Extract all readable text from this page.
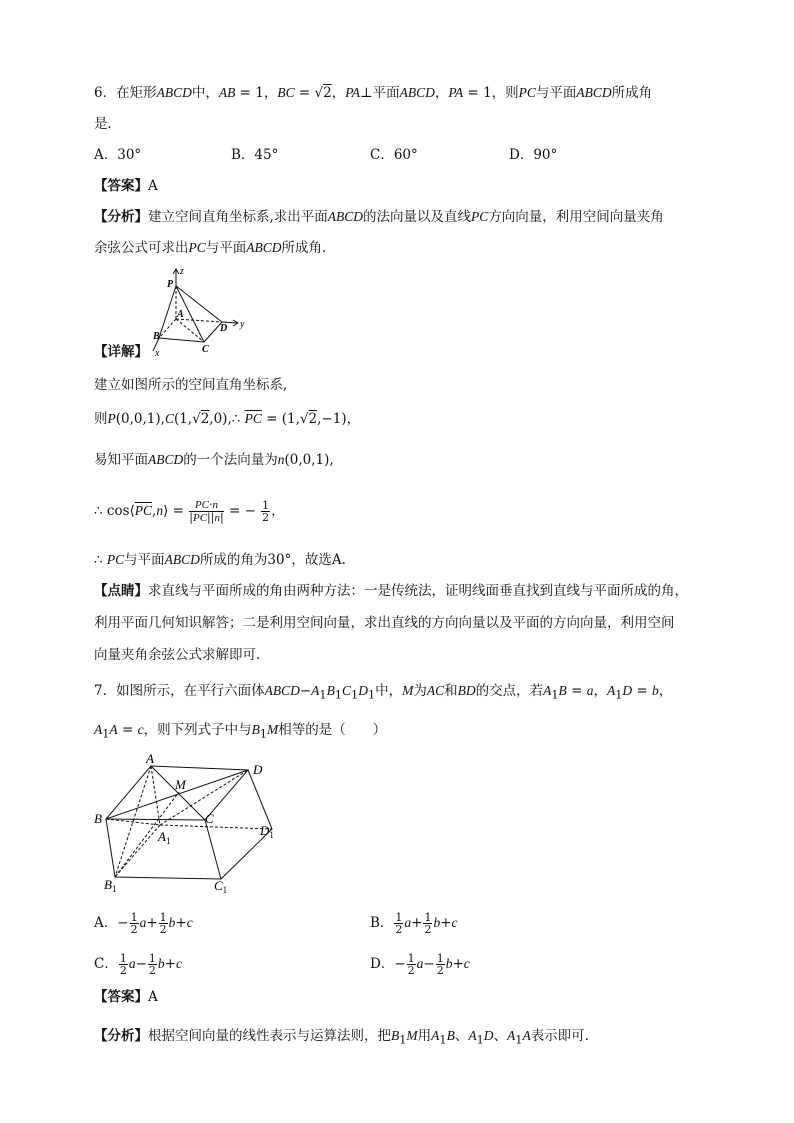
6．在矩形ABCD中，AB = 1，BC = √2，PA⊥平面ABCD，PA = 1，则PC与平面ABCD所成角
是．
A．30°	B．45°	C．60°	D．90°
【答案】A
【分析】建立空间直角坐标系,求出平面ABCD的法向量以及直线PC方向向量，利用空间向量夹角
余弦公式可求出PC与平面ABCD所成角.
z
P
A
D y
B
C
x
【详解】
建立如图所示的空间直角坐标系,
则P(0,0,1),C(1,√2,0),∴ $\overline{PC} = (1,√2,-1)$，
易知平面ABCD的一个法向量为n(0,0,1),
∴ $\cos⟨\overline{PC},n⟩ = \frac{PC\cdot n}{|PC||n|}$ = − $\frac{1}{2}$ ，
∴ PC与平面ABCD所成的角为30°，故选A.
【点睛】求直线与平面所成的角由两种方法：一是传统法，证明线面垂直找到直线与平面所成的角，
利用平面几何知识解答；二是利用空间向量，求出直线的方向向量以及平面的方向向量，利用空间
向量夹角余弦公式求解即可.
7．如图所示，在平行六面体$ABCD-A_1B_1C_1D_1$中，M为AC和BD的交点，若$A_1B = a$，$A_1D = b$，
$A_1A = c$，则下列式子中与$B_1M$相等的是（　　）
A
D
M
B	C
$D_1$
$A_1$
$B_1$	$C_1$
A．− $\frac{1}{2} a+ \frac{1}{2} b+c$	B． $\frac{1}{2} a+ \frac{1}{2} b+c$
C． $\frac{1}{2} a- \frac{1}{2} b+c$	D．− $\frac{1}{2} a- \frac{1}{2} b+c$
【答案】A
【分析】根据空间向量的线性表示与运算法则，把$B_1M$用$A_1B$、$A_1D$、$A_1A$表示即可．
